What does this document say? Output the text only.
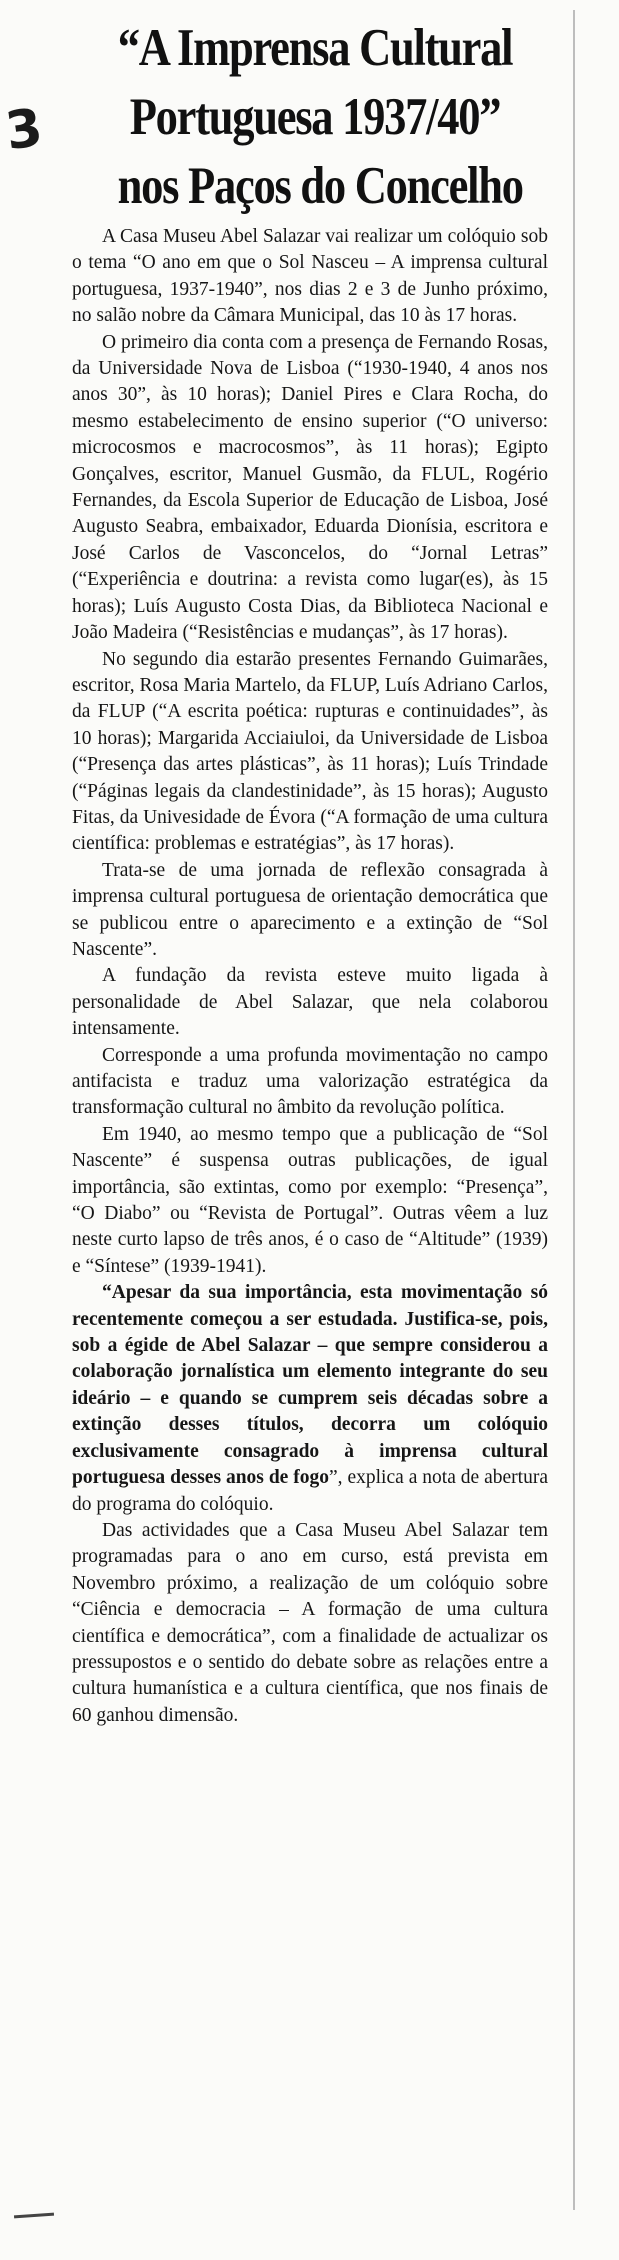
3
“A Imprensa Cultural
Portuguesa 1937/40”
nos Paços do Concelho

A Casa Museu Abel Salazar vai realizar um colóquio sob o tema “O ano em que o Sol Nasceu – A imprensa cultural portuguesa, 1937-1940”, nos dias 2 e 3 de Junho próximo, no salão nobre da Câmara Municipal, das 10 às 17 horas.

O primeiro dia conta com a presença de Fernando Rosas, da Universidade Nova de Lisboa (“1930-1940, 4 anos nos anos 30”, às 10 horas); Daniel Pires e Clara Rocha, do mesmo estabelecimento de ensino superior (“O universo: microcosmos e macrocosmos”, às 11 horas); Egipto Gonçalves, escritor, Manuel Gusmão, da FLUL, Rogério Fernandes, da Escola Superior de Educação de Lisboa, José Augusto Seabra, embaixador, Eduarda Dionísia, escritora e José Carlos de Vasconcelos, do “Jornal Letras” (“Experiência e doutrina: a revista como lugar(es), às 15 horas); Luís Augusto Costa Dias, da Biblioteca Nacional e João Madeira (“Resistências e mudanças”, às 17 horas).

No segundo dia estarão presentes Fernando Guimarães, escritor, Rosa Maria Martelo, da FLUP, Luís Adriano Carlos, da FLUP (“A escrita poética: rupturas e continuidades”, às 10 horas); Margarida Acciaiuloi, da Universidade de Lisboa (“Presença das artes plásticas”, às 11 horas); Luís Trindade (“Páginas legais da clandestinidade”, às 15 horas); Augusto Fitas, da Univesidade de Évora (“A formação de uma cultura científica: problemas e estratégias”, às 17 horas).

Trata-se de uma jornada de reflexão consagrada à imprensa cultural portuguesa de orientação democrática que se publicou entre o aparecimento e a extinção de “Sol Nascente”.

A fundação da revista esteve muito ligada à personalidade de Abel Salazar, que nela colaborou intensamente.

Corresponde a uma profunda movimentação no campo antifacista e traduz uma valorização estratégica da transformação cultural no âmbito da revolução política.

Em 1940, ao mesmo tempo que a publicação de “Sol Nascente” é suspensa outras publicações, de igual importância, são extintas, como por exemplo: “Presença”, “O Diabo” ou “Revista de Portugal”. Outras vêem a luz neste curto lapso de três anos, é o caso de “Altitude” (1939) e “Síntese” (1939-1941).

“Apesar da sua importância, esta movimentação só recentemente começou a ser estudada. Justifica-se, pois, sob a égide de Abel Salazar – que sempre considerou a colaboração jornalística um elemento integrante do seu ideário – e quando se cumprem seis décadas sobre a extinção desses títulos, decorra um colóquio exclusivamente consagrado à imprensa cultural portuguesa desses anos de fogo”, explica a nota de abertura do programa do colóquio.

Das actividades que a Casa Museu Abel Salazar tem programadas para o ano em curso, está prevista em Novembro próximo, a realização de um colóquio sobre “Ciência e democracia – A formação de uma cultura científica e democrática”, com a finalidade de actualizar os pressupostos e o sentido do debate sobre as relações entre a cultura humanística e a cultura científica, que nos finais de 60 ganhou dimensão.
